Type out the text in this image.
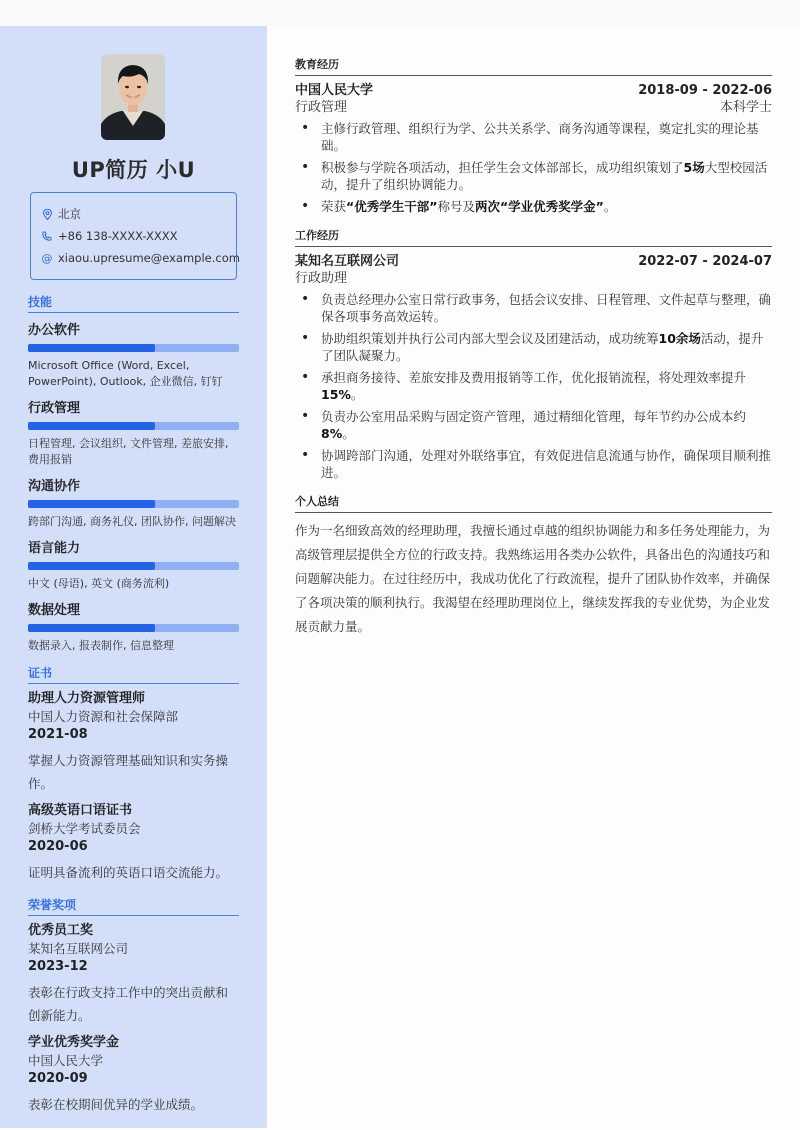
UP简历 小U
北京
+86 138-XXXX-XXXX
@ xiaou.upresume@example.com
技能
办公软件
Microsoft Office (Word, Excel, PowerPoint), Outlook, 企业微信, 钉钉
行政管理
日程管理, 会议组织, 文件管理, 差旅安排, 费用报销
沟通协作
跨部门沟通, 商务礼仪, 团队协作, 问题解决
语言能力
中文 (母语), 英文 (商务流利)
数据处理
数据录入, 报表制作, 信息整理
证书
助理人力资源管理师
中国人力资源和社会保障部
2021-08
掌握人力资源管理基础知识和实务操作。
高级英语口语证书
剑桥大学考试委员会
2020-06
证明具备流利的英语口语交流能力。
荣誉奖项
优秀员工奖
某知名互联网公司
2023-12
表彰在行政支持工作中的突出贡献和创新能力。
学业优秀奖学金
中国人民大学
2020-09
表彰在校期间优异的学业成绩。
教育经历
中国人民大学	2018-09 - 2022-06
行政管理	本科学士
• 主修行政管理、组织行为学、公共关系学、商务沟通等课程，奠定扎实的理论基础。
• 积极参与学院各项活动，担任学生会文体部部长，成功组织策划了5场大型校园活动，提升了组织协调能力。
• 荣获“优秀学生干部”称号及两次“学业优秀奖学金”。
工作经历
某知名互联网公司	2022-07 - 2024-07
行政助理
• 负责总经理办公室日常行政事务，包括会议安排、日程管理、文件起草与整理，确保各项事务高效运转。
• 协助组织策划并执行公司内部大型会议及团建活动，成功统筹10余场活动，提升了团队凝聚力。
• 承担商务接待、差旅安排及费用报销等工作，优化报销流程，将处理效率提升15%。
• 负责办公室用品采购与固定资产管理，通过精细化管理，每年节约办公成本约8%。
• 协调跨部门沟通，处理对外联络事宜，有效促进信息流通与协作，确保项目顺利推进。
个人总结

作为一名细致高效的经理助理，我擅长通过卓越的组织协调能力和多任务处理能力，为高级管理层提供全方位的行政支持。我熟练运用各类办公软件，具备出色的沟通技巧和问题解决能力。在过往经历中，我成功优化了行政流程，提升了团队协作效率，并确保了各项决策的顺利执行。我渴望在经理助理岗位上，继续发挥我的专业优势，为企业发展贡献力量。
